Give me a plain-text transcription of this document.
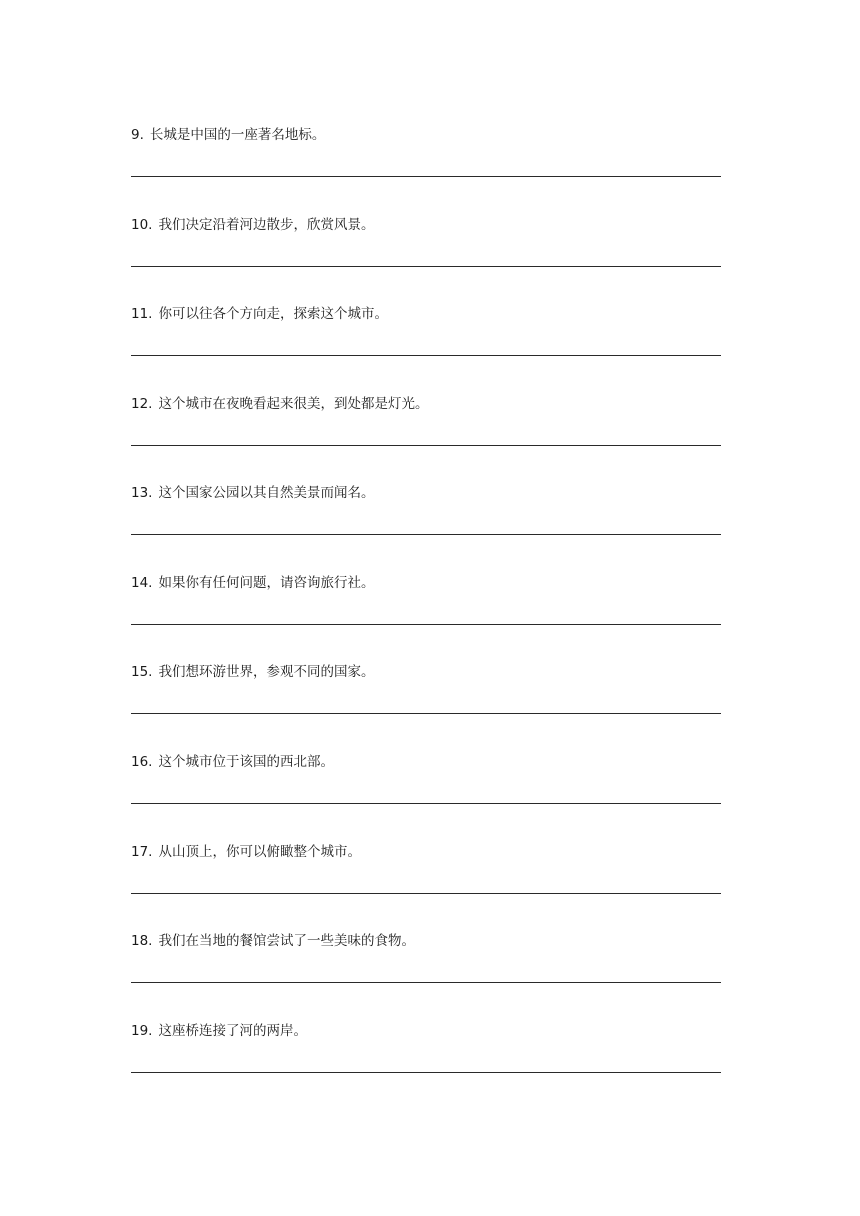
9. 长城是中国的一座著名地标。
10. 我们决定沿着河边散步，欣赏风景。
11. 你可以往各个方向走，探索这个城市。
12. 这个城市在夜晚看起来很美，到处都是灯光。
13. 这个国家公园以其自然美景而闻名。
14. 如果你有任何问题，请咨询旅行社。
15. 我们想环游世界，参观不同的国家。
16. 这个城市位于该国的西北部。
17. 从山顶上，你可以俯瞰整个城市。
18. 我们在当地的餐馆尝试了一些美味的食物。
19. 这座桥连接了河的两岸。
